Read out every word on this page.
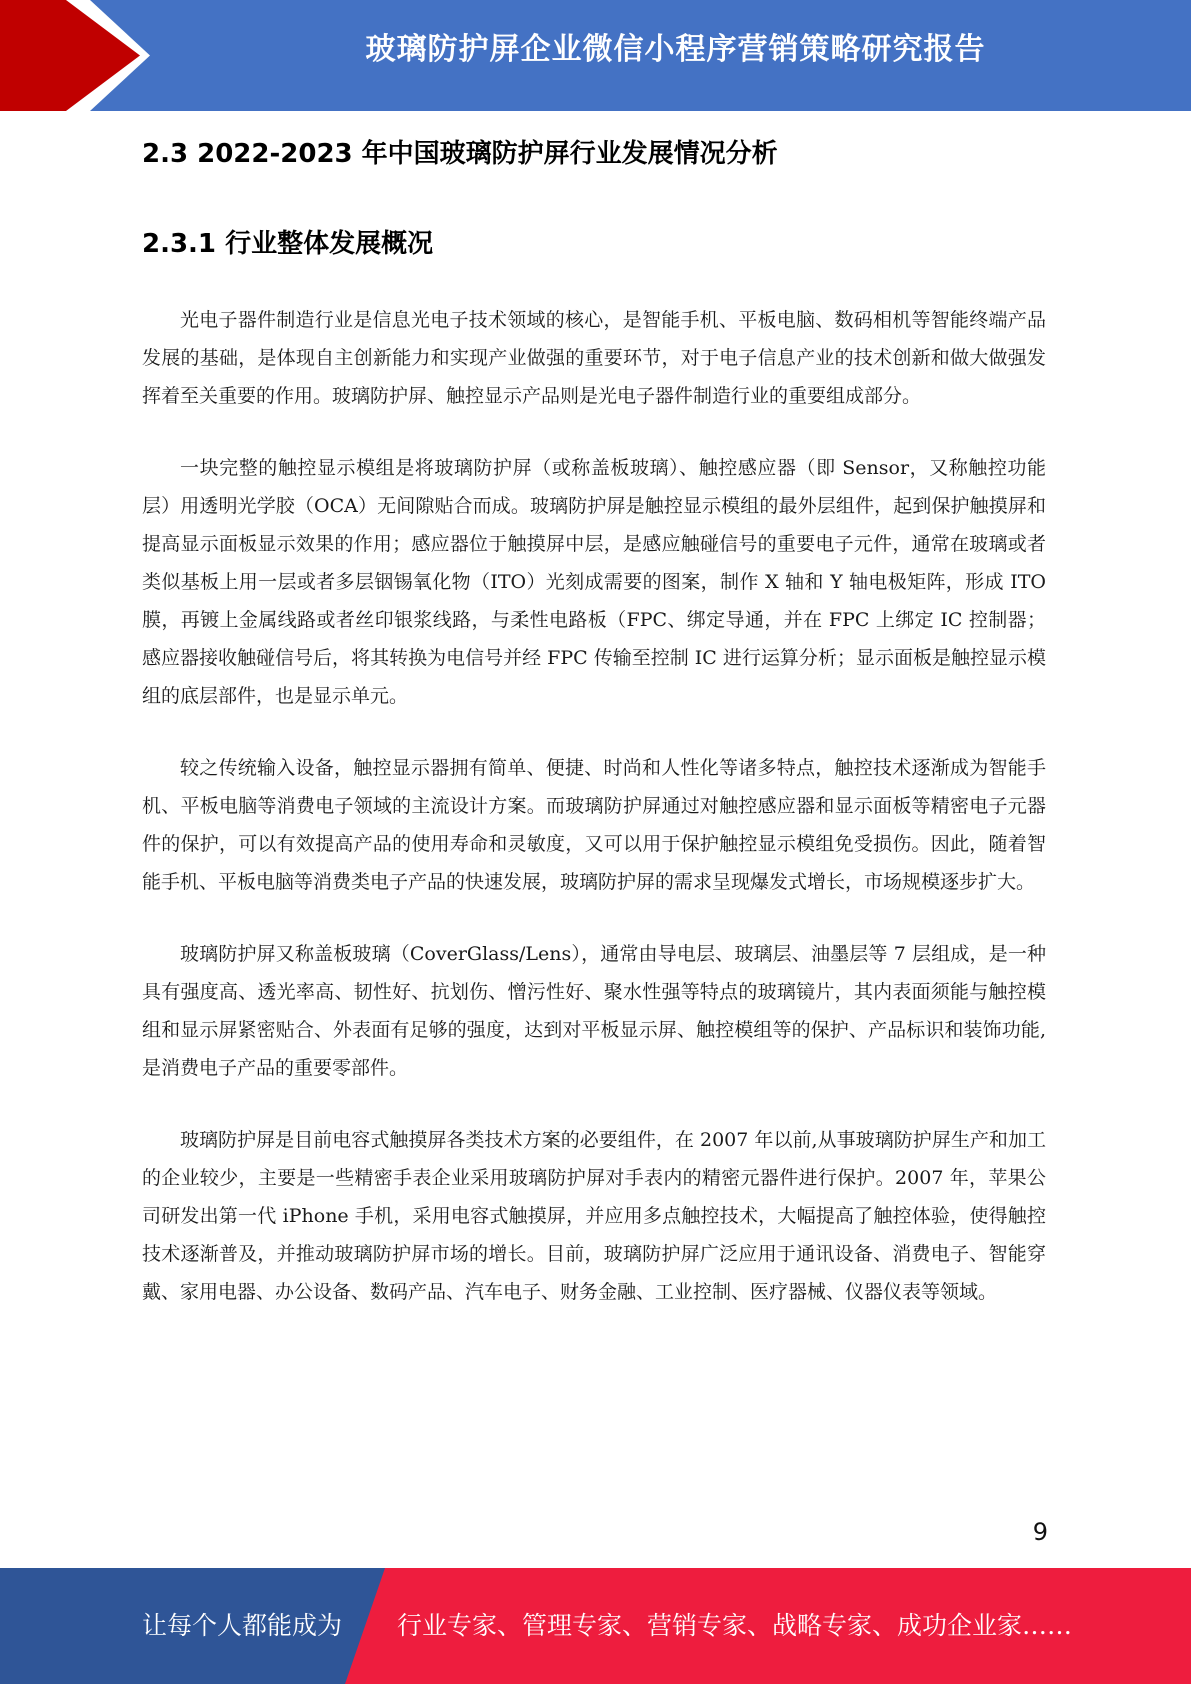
玻璃防护屏企业微信小程序营销策略研究报告
2.3 2022-2023 年中国玻璃防护屏行业发展情况分析
2.3.1 行业整体发展概况

光电子器件制造行业是信息光电子技术领域的核心，是智能手机、平板电脑、数码相机等智能终端产品发展的基础，是体现自主创新能力和实现产业做强的重要环节，对于电子信息产业的技术创新和做大做强发挥着至关重要的作用。玻璃防护屏、触控显示产品则是光电子器件制造行业的重要组成部分。

一块完整的触控显示模组是将玻璃防护屏（或称盖板玻璃）、触控感应器（即 Sensor，又称触控功能层）用透明光学胶（OCA）无间隙贴合而成。玻璃防护屏是触控显示模组的最外层组件，起到保护触摸屏和提高显示面板显示效果的作用；感应器位于触摸屏中层，是感应触碰信号的重要电子元件，通常在玻璃或者类似基板上用一层或者多层铟锡氧化物（ITO）光刻成需要的图案，制作 X 轴和 Y 轴电极矩阵，形成 ITO 膜，再镀上金属线路或者丝印银浆线路，与柔性电路板（FPC、绑定导通，并在 FPC 上绑定 IC 控制器；感应器接收触碰信号后，将其转换为电信号并经 FPC 传输至控制 IC 进行运算分析；显示面板是触控显示模组的底层部件，也是显示单元。

较之传统输入设备，触控显示器拥有简单、便捷、时尚和人性化等诸多特点，触控技术逐渐成为智能手机、平板电脑等消费电子领域的主流设计方案。而玻璃防护屏通过对触控感应器和显示面板等精密电子元器件的保护，可以有效提高产品的使用寿命和灵敏度，又可以用于保护触控显示模组免受损伤。因此，随着智能手机、平板电脑等消费类电子产品的快速发展，玻璃防护屏的需求呈现爆发式增长，市场规模逐步扩大。

玻璃防护屏又称盖板玻璃（CoverGlass/Lens），通常由导电层、玻璃层、油墨层等 7 层组成，是一种具有强度高、透光率高、韧性好、抗划伤、憎污性好、聚水性强等特点的玻璃镜片，其内表面须能与触控模组和显示屏紧密贴合、外表面有足够的强度，达到对平板显示屏、触控模组等的保护、产品标识和装饰功能,是消费电子产品的重要零部件。

玻璃防护屏是目前电容式触摸屏各类技术方案的必要组件，在 2007 年以前,从事玻璃防护屏生产和加工的企业较少，主要是一些精密手表企业采用玻璃防护屏对手表内的精密元器件进行保护。2007 年，苹果公司研发出第一代 iPhone 手机，采用电容式触摸屏，并应用多点触控技术，大幅提高了触控体验，使得触控技术逐渐普及，并推动玻璃防护屏市场的增长。目前，玻璃防护屏广泛应用于通讯设备、消费电子、智能穿戴、家用电器、办公设备、数码产品、汽车电子、财务金融、工业控制、医疗器械、仪器仪表等领域。

9
让每个人都能成为 行业专家、管理专家、营销专家、战略专家、成功企业家……
